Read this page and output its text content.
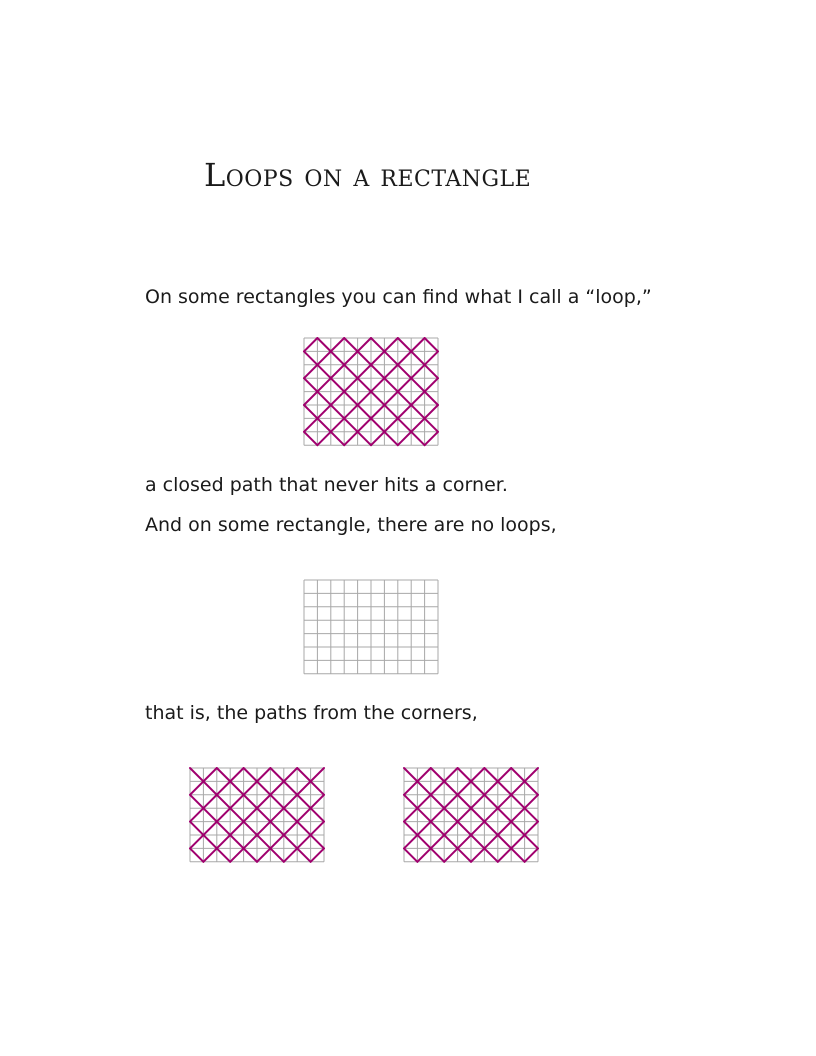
Loops on a rectangle

On some rectangles you can find what I call a “loop,”

a closed path that never hits a corner.

And on some rectangle, there are no loops,

that is, the paths from the corners,
